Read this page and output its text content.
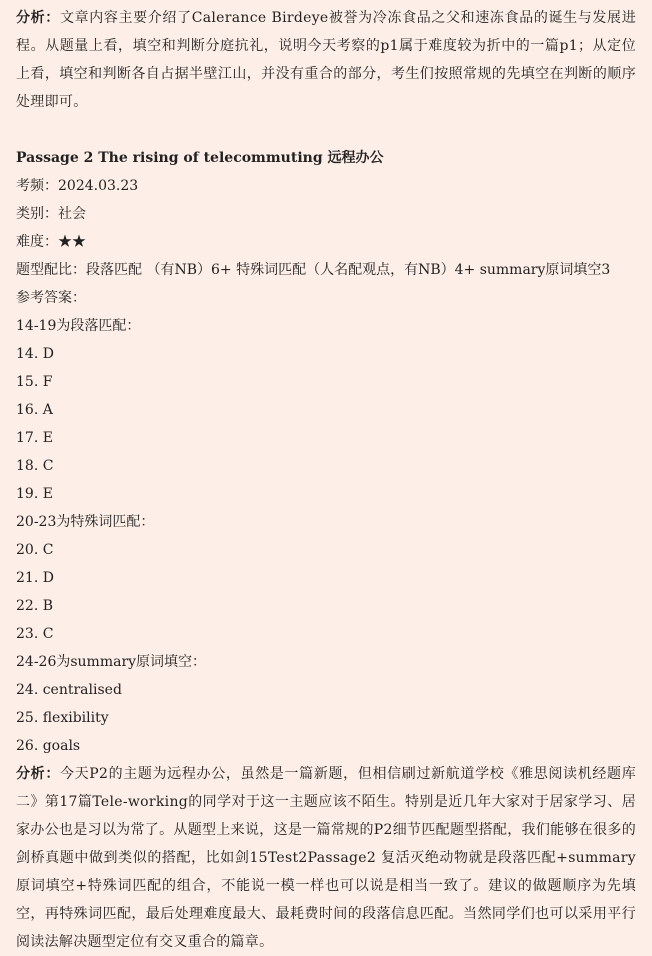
分析：文章内容主要介绍了Calerance Birdeye被誉为冷冻食品之父和速冻食品的诞生与发展进程。从题量上看，填空和判断分庭抗礼，说明今天考察的p1属于难度较为折中的一篇p1；从定位上看，填空和判断各自占据半壁江山，并没有重合的部分，考生们按照常规的先填空在判断的顺序处理即可。

Passage 2 The rising of telecommuting 远程办公

考频：2024.03.23

类别：社会

难度：★★

题型配比：段落匹配 （有NB）6+ 特殊词匹配（人名配观点，有NB）4+ summary原词填空3

参考答案：

14-19为段落匹配：

14. D

15. F

16. A

17. E

18. C

19. E

20-23为特殊词匹配：

20. C

21. D

22. B

23. C

24-26为summary原词填空：

24. centralised

25. flexibility

26. goals

分析：今天P2的主题为远程办公，虽然是一篇新题，但相信刷过新航道学校《雅思阅读机经题库二》第17篇Tele-working的同学对于这一主题应该不陌生。特别是近几年大家对于居家学习、居家办公也是习以为常了。从题型上来说，这是一篇常规的P2细节匹配题型搭配，我们能够在很多的剑桥真题中做到类似的搭配，比如剑15Test2Passage2 复活灭绝动物就是段落匹配+summary原词填空+特殊词匹配的组合，不能说一模一样也可以说是相当一致了。建议的做题顺序为先填空，再特殊词匹配，最后处理难度最大、最耗费时间的段落信息匹配。当然同学们也可以采用平行阅读法解决题型定位有交叉重合的篇章。
